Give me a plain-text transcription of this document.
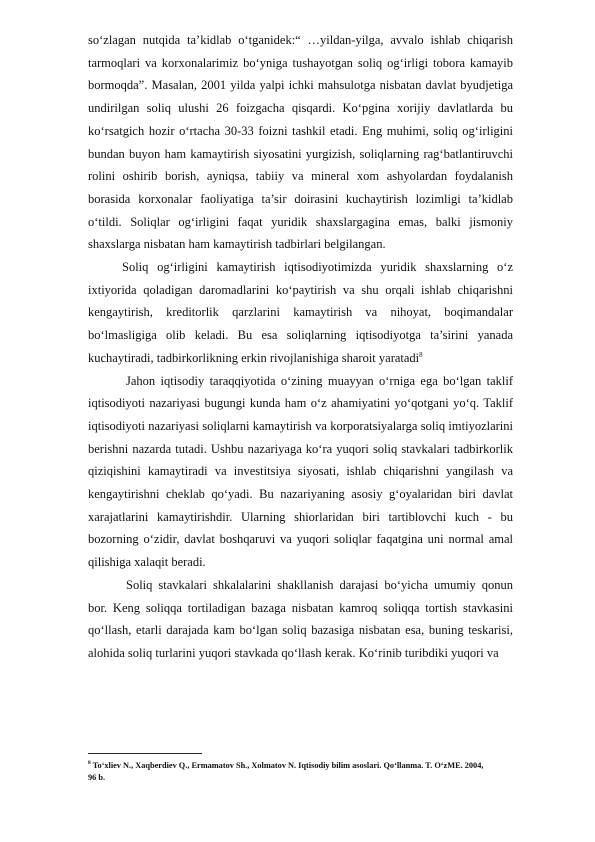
so‘zlagan nutqida ta’kidlab o‘tganidek:“ …yildan-yilga, avvalo ishlab chiqarish tarmoqlari va korxonalarimiz bo‘yniga tushayotgan soliq og‘irligi tobora kamayib bormoqda”. Masalan, 2001 yilda yalpi ichki mahsulotga nisbatan davlat byudjetiga undirilgan soliq ulushi 26 foizgacha qisqardi. Ko‘pgina xorijiy davlatlarda bu ko‘rsatgich hozir o‘rtacha 30-33 foizni tashkil etadi. Eng muhimi, soliq og‘irligini bundan buyon ham kamaytirish siyosatini yurgizish, soliqlarning rag‘batlantiruvchi rolini oshirib borish, ayniqsa, tabiiy va mineral xom ashyolardan foydalanish borasida korxonalar faoliyatiga ta’sir doirasini kuchaytirish lozimligi ta’kidlab o‘tildi. Soliqlar og‘irligini faqat yuridik shaxslargagina emas, balki jismoniy shaxslarga nisbatan ham kamaytirish tadbirlari belgilangan.

Soliq og‘irligini kamaytirish iqtisodiyotimizda yuridik shaxslarning o‘z ixtiyorida qoladigan daromadlarini ko‘paytirish va shu orqali ishlab chiqarishni kengaytirish, kreditorlik qarzlarini kamaytirish va nihoyat, boqimandalar bo‘lmasligiga olib keladi. Bu esa soliqlarning iqtisodiyotga ta’sirini yanada kuchaytiradi, tadbirkorlikning erkin rivojlanishiga sharoit yaratadi$^8$

Jahon iqtisodiy taraqqiyotida o‘zining muayyan o‘rniga ega bo‘lgan taklif iqtisodiyoti nazariyasi bugungi kunda ham o‘z ahamiyatini yo‘qotgani yo‘q. Taklif iqtisodiyoti nazariyasi soliqlarni kamaytirish va korporatsiyalarga soliq imtiyozlarini berishni nazarda tutadi. Ushbu nazariyaga ko‘ra yuqori soliq stavkalari tadbirkorlik qiziqishini kamaytiradi va investitsiya siyosati, ishlab chiqarishni yangilash va kengaytirishni cheklab qo‘yadi. Bu nazariyaning asosiy g‘oyalaridan biri davlat xarajatlarini kamaytirishdir. Ularning shiorlaridan biri tartiblovchi kuch - bu bozorning o‘zidir, davlat boshqaruvi va yuqori soliqlar faqatgina uni normal amal qilishiga xalaqit beradi.

Soliq stavkalari shkalalarini shakllanish darajasi bo‘yicha umumiy qonun bor. Keng soliqqa tortiladigan bazaga nisbatan kamroq soliqqa tortish stavkasini qo‘llash, etarli darajada kam bo‘lgan soliq bazasiga nisbatan esa, buning teskarisi, alohida soliq turlarini yuqori stavkada qo‘llash kerak. Ko‘rinib turibdiki yuqori va

$^8$ To‘xliev N., Xaqberdiev Q., Ermamatov Sh., Xolmatov N. Iqtisodiy bilim asoslari. Qo‘llanma. T. O‘zME. 2004, 96 b.
